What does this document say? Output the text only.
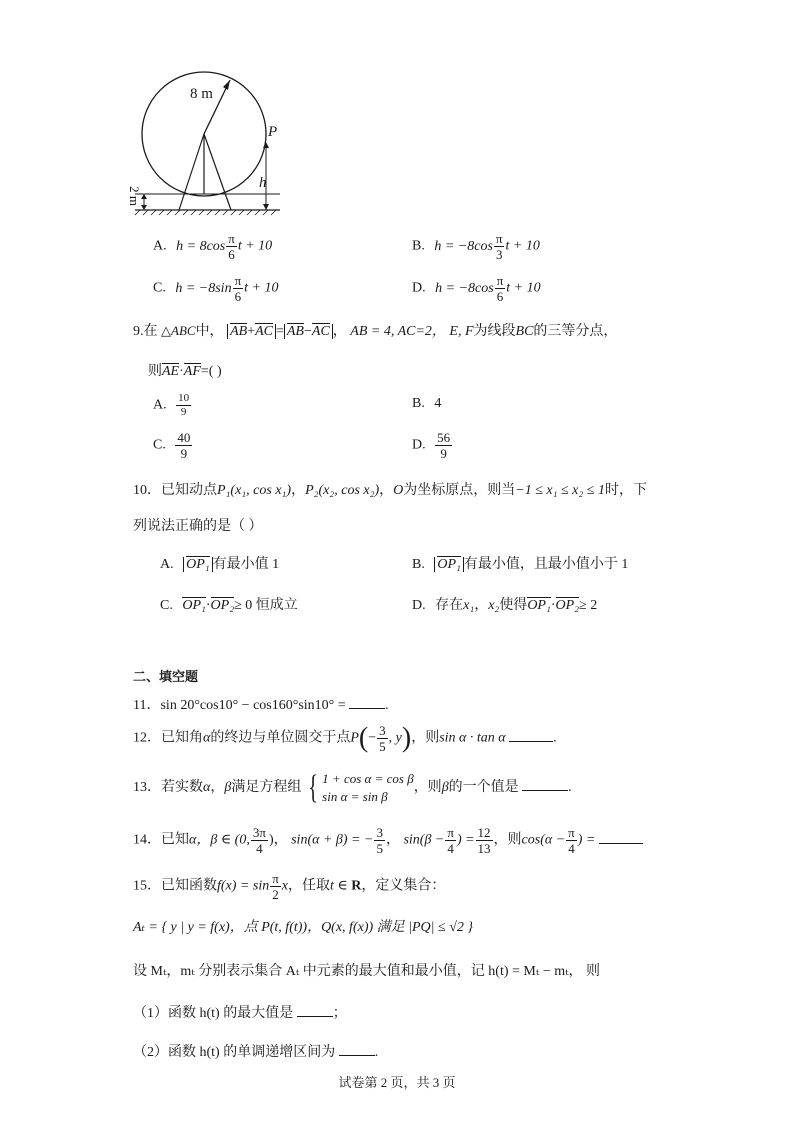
8 m
P
h
2 m
A. $h = 8\cos \frac{\pi}{6}$ t + 10	B. $h = -8\cos \frac{\pi}{3}$ t + 10
C. $h = -8\sin \frac{\pi}{6}$ t + 10	D. $h = -8\cos \frac{\pi}{6}$ t + 10
9.在 △ABC中， AB+AC = AB−AC ， AB = 4, AC=2， E, F为线段BC的三等分点，
则AE·AF=( )
A. $\frac{10}{9}$	B. 4
C. $\frac{40}{9}$	D. $\frac{56}{9}$
10．已知动点P₁(x₁, cos x₁)，P₂(x₂, cos x₂)，O为坐标原点，则当−1 ≤ x₁ ≤ x₂ ≤ 1时，下
列说法正确的是（ ）
A. OP₁ 有最小值 1	B. OP₁ 有最小值，且最小值小于 1
C. OP₁·OP₂≥ 0 恒成立	D. 存在x₁，x₂使得OP₁·OP₂≥ 2
二、填空题
11．sin 20°cos10° − cos160°sin10° =	.
12．已知角α的终边与单位圆交于点$P(- \frac{3}{5}$ , y)，则sin α · tan α	.
13．若实数α，β满足方程组 { 1 + cos α = cos β
sin α = sin β
，则β的一个值是	.
14．已知α，β ∈ (0, $\frac{3\pi}{4}$ )， sin(α + β) = − $\frac{3}{5}$ ， $\sin(\beta - \frac{\pi}{4}$ ) = $\frac{12}{13}$ ，则$\cos(\alpha - \frac{\pi}{4}$ ) =
15．已知函数$f(x) = \sin \frac{\pi}{2}$ x，任取t ∈ R，定义集合：
Aₜ = { y | y = f(x)，点 P(t, f(t))，Q(x, f(x)) 满足 |PQ| ≤ √2 }
设 Mₜ，mₜ 分别表示集合 Aₜ 中元素的最大值和最小值，记 h(t) = Mₜ − mₜ， 则
（1）函数 h(t) 的最大值是	；
（2）函数 h(t) 的单调递增区间为	.
试卷第 2 页，共 3 页
